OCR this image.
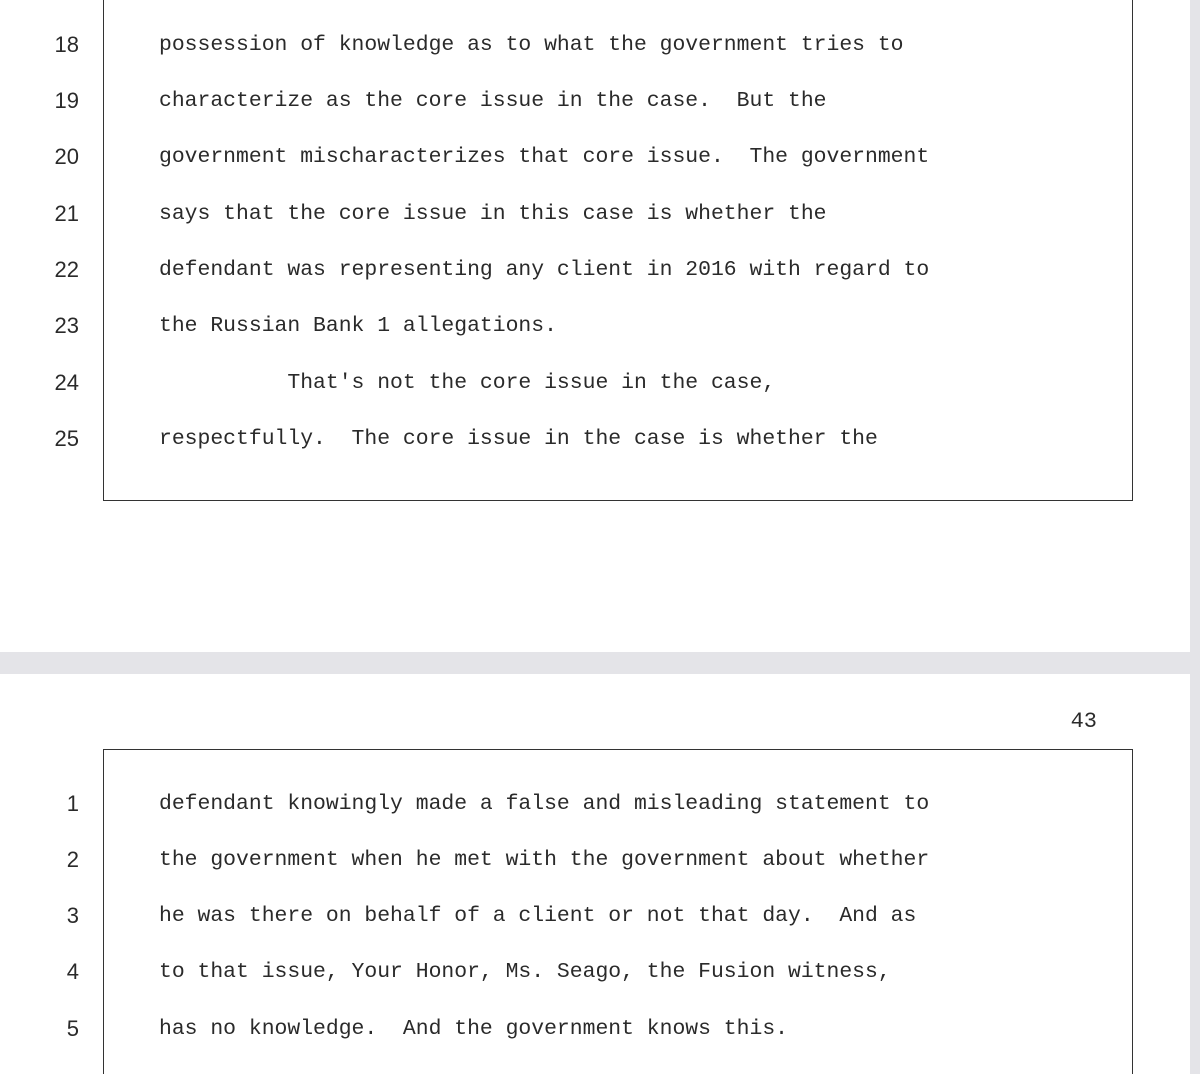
18	possession of knowledge as to what the government tries to
19	characterize as the core issue in the case.  But the
20	government mischaracterizes that core issue.  The government
21	says that the core issue in this case is whether the
22	defendant was representing any client in 2016 with regard to
23	the Russian Bank 1 allegations.
24	That's not the core issue in the case,
25	respectfully.  The core issue in the case is whether the
43
1	defendant knowingly made a false and misleading statement to
2	the government when he met with the government about whether
3	he was there on behalf of a client or not that day.  And as
4	to that issue, Your Honor, Ms. Seago, the Fusion witness,
5	has no knowledge.  And the government knows this.
